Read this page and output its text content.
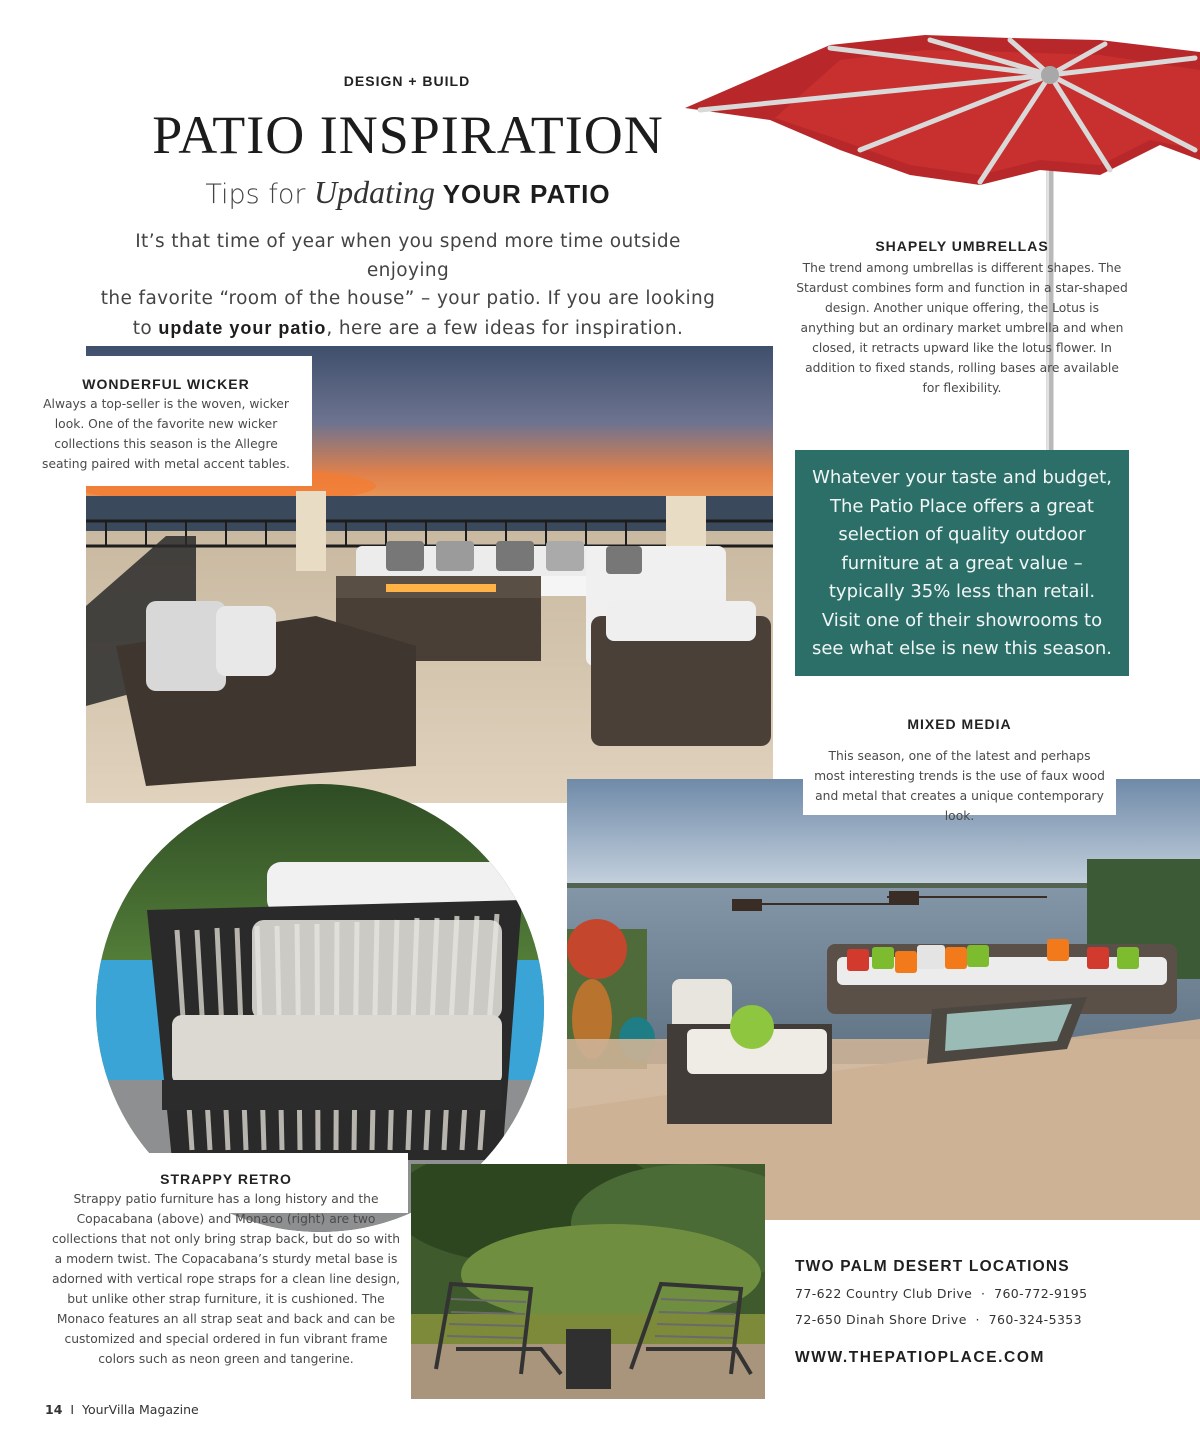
DESIGN + BUILD
PATIO INSPIRATION
Tips for Updating YOUR PATIO
It’s that time of year when you spend more time outside enjoying
the favorite “room of the house” – your patio. If you are looking
to update your patio, here are a few ideas for inspiration.
SHAPELY UMBRELLAS
The trend among umbrellas is different shapes. The Stardust combines form and function in a star-shaped design. Another unique offering, the Lotus is anything but an ordinary market umbrella and when closed, it retracts upward like the lotus flower. In addition to fixed stands, rolling bases are available for flexibility.
WONDERFUL WICKER
Always a top-seller is the woven, wicker look. One of the favorite new wicker collections this season is the Allegre seating paired with metal accent tables.
Whatever your taste and budget, The Patio Place offers a great selection of quality outdoor furniture at a great value – typically 35% less than retail. Visit one of their showrooms to see what else is new this season.
MIXED MEDIA
This season, one of the latest and perhaps most interesting trends is the use of faux wood and metal that creates a unique contemporary look.
STRAPPY RETRO
Strappy patio furniture has a long history and the Copacabana (above) and Monaco (right) are two collections that not only bring strap back, but do so with a modern twist. The Copacabana’s sturdy metal base is adorned with vertical rope straps for a clean line design, but unlike other strap furniture, it is cushioned. The Monaco features an all strap seat and back and can be customized and special ordered in fun vibrant frame colors such as neon green and tangerine.
TWO PALM DESERT LOCATIONS
77-622 Country Club Drive  ·  760-772-9195
72-650 Dinah Shore Drive  ·  760-324-5353
WWW.THEPATIOPLACE.COM
14  I  YourVilla Magazine
